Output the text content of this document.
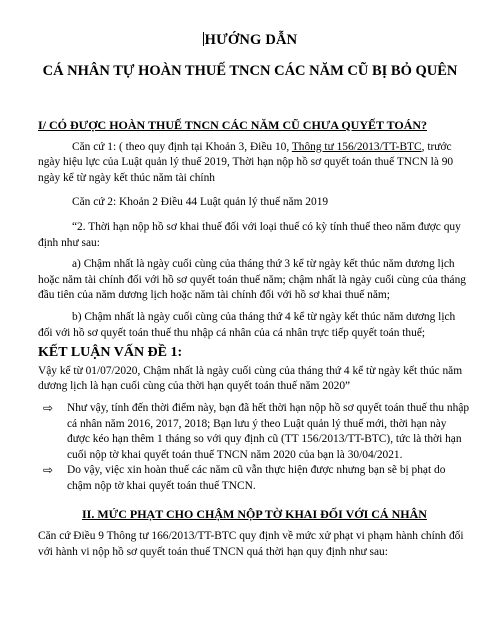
HƯỚNG DẪN
CÁ NHÂN TỰ HOÀN THUẾ TNCN CÁC NĂM CŨ BỊ BỎ QUÊN

I/ CÓ ĐƯỢC HOÀN THUẾ TNCN CÁC NĂM CŨ CHƯA QUYẾT TOÁN?

Căn cứ 1: ( theo quy định tại Khoản 3, Điều 10, Thông tư 156/2013/TT-BTC, trước ngày hiệu lực của Luật quản lý thuế 2019, Thời hạn nộp hồ sơ quyết toán thuế TNCN là 90 ngày kể từ ngày kết thúc năm tài chính

Căn cứ 2: Khoản 2 Điều 44 Luật quản lý thuế năm 2019

“2. Thời hạn nộp hồ sơ khai thuế đối với loại thuế có kỳ tính thuế theo năm được quy định như sau:

a) Chậm nhất là ngày cuối cùng của tháng thứ 3 kể từ ngày kết thúc năm dương lịch hoặc năm tài chính đối với hồ sơ quyết toán thuế năm; chậm nhất là ngày cuối cùng của tháng đầu tiên của năm dương lịch hoặc năm tài chính đối với hồ sơ khai thuế năm;

b) Chậm nhất là ngày cuối cùng của tháng thứ 4 kể từ ngày kết thúc năm dương lịch đối với hồ sơ quyết toán thuế thu nhập cá nhân của cá nhân trực tiếp quyết toán thuế;

KẾT LUẬN VẤN ĐỀ 1:

Vậy kể từ 01/07/2020, Chậm nhất là ngày cuối cùng của tháng thứ 4 kể từ ngày kết thúc năm dương lịch là hạn cuối cùng của thời hạn quyết toán thuế năm 2020”

⇨ Như vậy, tính đến thời điểm này, bạn đã hết thời hạn nộp hồ sơ quyết toán thuế thu nhập cá nhân năm 2016, 2017, 2018; Bạn lưu ý theo Luật quản lý thuế mới, thời hạn này được kéo hạn thêm 1 tháng so với quy định cũ (TT 156/2013/TT-BTC), tức là thời hạn cuối nộp tờ khai quyết toán thuế TNCN năm 2020 của bạn là 30/04/2021.
⇨ Do vậy, việc xin hoàn thuế các năm cũ vẫn thực hiện được nhưng bạn sẽ bị phạt do chậm nộp tờ khai quyết toán thuế TNCN.

II. MỨC PHẠT CHO CHẬM NỘP TỜ KHAI ĐỐI VỚI CÁ NHÂN

Căn cứ Điều 9 Thông tư 166/2013/TT-BTC quy định về mức xử phạt vi phạm hành chính đối với hành vi nộp hồ sơ quyết toán thuế TNCN quá thời hạn quy định như sau:
